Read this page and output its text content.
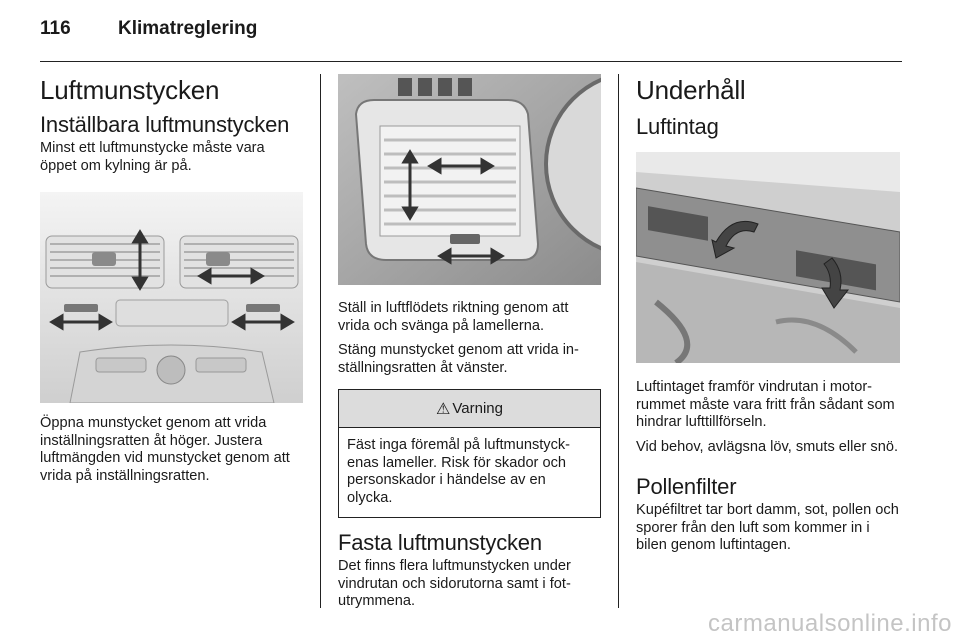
116	Klimatreglering
Luftmunstycken
Inställbara luftmunstycken

Minst ett luftmunstycke måste vara öppet om kylning är på.

Öppna munstycket genom att vrida inställningsratten åt höger. Justera luftmängden vid munstycket genom att vrida på inställningsratten.

Ställ in luftflödets riktning genom att vrida och svänga på lamellerna.

Stäng munstycket genom att vrida in-ställningsratten åt vänster.

⚠ Varning

Fäst inga föremål på luftmunstyck-enas lameller. Risk för skador och personskador i händelse av en olycka.

Fasta luftmunstycken

Det finns flera luftmunstycken under vindrutan och sidorutorna samt i fot-utrymmena.

Underhåll
Luftintag

Luftintaget framför vindrutan i motor-rummet måste vara fritt från sådant som hindrar lufttillförseln.

Vid behov, avlägsna löv, smuts eller snö.

Pollenfilter

Kupéfiltret tar bort damm, sot, pollen och sporer från den luft som kommer in i bilen genom luftintagen.

carmanualsonline.info
